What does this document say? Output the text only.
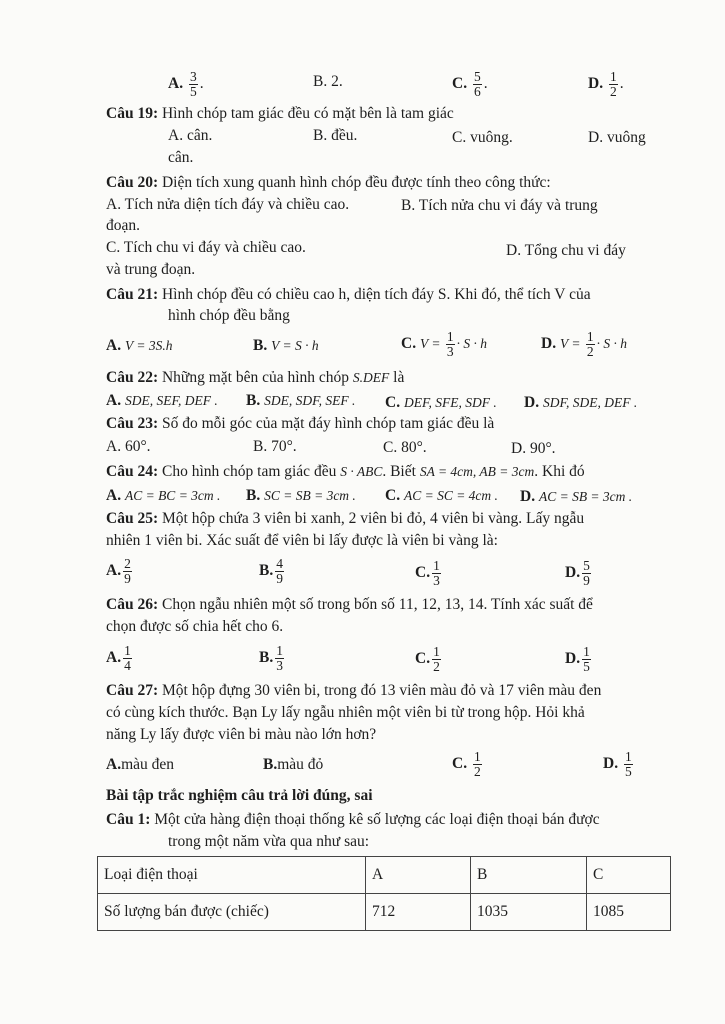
A. $\frac{3}{5}$ .	B. 2.	C. $\frac{5}{6}$ .	D. $\frac{1}{2}$ .
Câu 19: Hình chóp tam giác đều có mặt bên là tam giác
A. cân.	B. đều.	C. vuông.	D. vuông
cân.
Câu 20: Diện tích xung quanh hình chóp đều được tính theo công thức:
A. Tích nửa diện tích đáy và chiều cao.	B. Tích nửa chu vi đáy và trung
đoạn.
C. Tích chu vi đáy và chiều cao.	D. Tổng chu vi đáy
và trung đoạn.
Câu 21: Hình chóp đều có chiều cao h, diện tích đáy S. Khi đó, thể tích V của
hình chóp đều bằng
A. V = 3S.h	B. V = S · h	C. $V = \frac{1}{3} \cdot S \cdot h$	D. $V = \frac{1}{2} \cdot S \cdot h$
Câu 22: Những mặt bên của hình chóp S.DEF là
A. SDE, SEF, DEF . B. SDE, SDF, SEF . C. DEF, SFE, SDF . D. SDF, SDE, DEF .
Câu 23: Số đo mỗi góc của mặt đáy hình chóp tam giác đều là
A. 60°.	B. 70°.	C. 80°.	D. 90°.
Câu 24: Cho hình chóp tam giác đều S · ABC. Biết SA = 4cm, AB = 3cm. Khi đó
A. AC = BC = 3cm . B. SC = SB = 3cm . C. AC = SC = 4cm . D. AC = SB = 3cm .
Câu 25: Một hộp chứa 3 viên bi xanh, 2 viên bi đỏ, 4 viên bi vàng. Lấy ngẫu
nhiên 1 viên bi. Xác suất để viên bi lấy được là viên bi vàng là:
A. $\frac{2}{9}$	B. $\frac{4}{9}$	C. $\frac{1}{3}$	D. $\frac{5}{9}$
Câu 26: Chọn ngẫu nhiên một số trong bốn số 11, 12, 13, 14. Tính xác suất để
chọn được số chia hết cho 6.
A. $\frac{1}{4}$	B. $\frac{1}{3}$	C. $\frac{1}{2}$	D. $\frac{1}{5}$
Câu 27: Một hộp đựng 30 viên bi, trong đó 13 viên màu đỏ và 17 viên màu đen
có cùng kích thước. Bạn Ly lấy ngẫu nhiên một viên bi từ trong hộp. Hỏi khả
năng Ly lấy được viên bi màu nào lớn hơn?
A.màu đen	B.màu đỏ	C. $\frac{1}{2}$	D. $\frac{1}{5}$
Bài tập trắc nghiệm câu trả lời đúng, sai
Câu 1: Một cửa hàng điện thoại thống kê số lượng các loại điện thoại bán được
trong một năm vừa qua như sau:
Loại điện thoại	A	B	C
Số lượng bán được (chiếc)	712	1035	1085
